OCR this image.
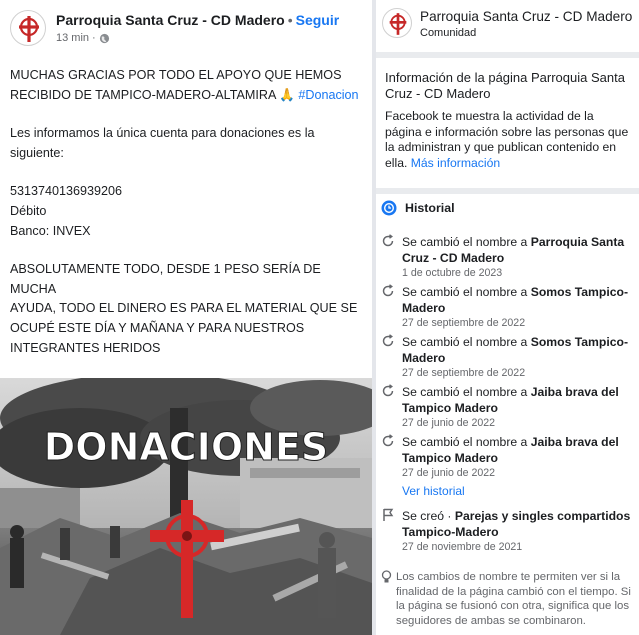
Parroquia Santa Cruz - CD Madero • Seguir
13 min ·

MUCHAS GRACIAS POR TODO EL APOYO QUE HEMOS

RECIBIDO DE TAMPICO-MADERO-ALTAMIRA 🙏 #Donacion

Les informamos la única cuenta para donaciones es la

siguiente:

5313740136939206

Débito

Banco: INVEX

ABSOLUTAMENTE TODO, DESDE 1 PESO SERÍA DE MUCHA

AYUDA, TODO EL DINERO ES PARA EL MATERIAL QUE SE

OCUPÉ ESTE DÍA Y MAÑANA Y PARA NUESTROS

INTEGRANTES HERIDOS

DONACIONES
Parroquia Santa Cruz - CD Madero
Comunidad
Información de la página Parroquia Santa Cruz - CD Madero
Facebook te muestra la actividad de la página e información sobre las personas que la administran y que publican contenido en ella. Más información
Historial
Se cambió el nombre a Parroquia Santa Cruz - CD Madero
1 de octubre de 2023
Se cambió el nombre a Somos Tampico-Madero
27 de septiembre de 2022
Se cambió el nombre a Somos Tampico-Madero
27 de septiembre de 2022
Se cambió el nombre a Jaiba brava del Tampico Madero
27 de junio de 2022
Se cambió el nombre a Jaiba brava del Tampico Madero
27 de junio de 2022
Ver historial
Se creó · Parejas y singles compartidos Tampico-Madero
27 de noviembre de 2021
Los cambios de nombre te permiten ver si la finalidad de la página cambió con el tiempo. Si la página se fusionó con otra, significa que los seguidores de ambas se combinaron.
